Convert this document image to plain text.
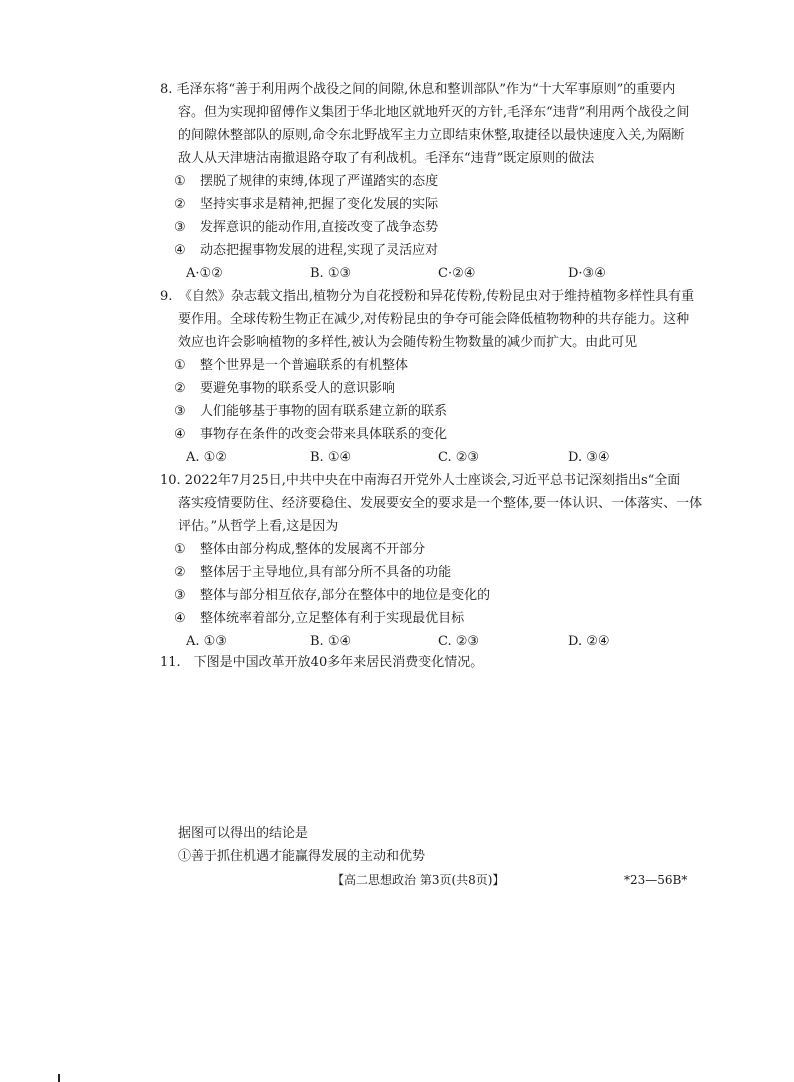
8. 毛泽东将“善于利用两个战役之间的间隙,休息和整训部队”作为“十大军事原则”的重要内
容。但为实现抑留傅作义集团于华北地区就地歼灭的方针,毛泽东“违背”利用两个战役之间
的间隙休整部队的原则,命令东北野战军主力立即结束休整,取捷径以最快速度入关,为隔断
敌人从天津塘沽南撤退路夺取了有利战机。毛泽东“违背”既定原则的做法
① 摆脱了规律的束缚,体现了严谨踏实的态度
② 坚持实事求是精神,把握了变化发展的实际
③ 发挥意识的能动作用,直接改变了战争态势
④ 动态把握事物发展的进程,实现了灵活应对
A·①②	B. ①③	C·②④	D·③④
9.　《自然》杂志载文指出,植物分为自花授粉和异花传粉,传粉昆虫对于维持植物多样性具有重
要作用。全球传粉生物正在减少,对传粉昆虫的争夺可能会降低植物物种的共存能力。这种
效应也许会影响植物的多样性,被认为会随传粉生物数量的减少而扩大。由此可见
① 整个世界是一个普遍联系的有机整体
② 要避免事物的联系受人的意识影响
③ 人们能够基于事物的固有联系建立新的联系
④ 事物存在条件的改变会带来具体联系的变化
A. ①②	B. ①④	C. ②③	D. ③④
10. 2022年7月25日,中共中央在中南海召开党外人士座谈会,习近平总书记深刻指出s“全面
落实疫情要防住、经济要稳住、发展要安全的要求是一个整体,要一体认识、一体落实、一体
评估。”从哲学上看,这是因为
① 整体由部分构成,整体的发展离不开部分
② 整体居于主导地位,具有部分所不具备的功能
③ 整体与部分相互依存,部分在整体中的地位是变化的
④ 整体统率着部分,立足整体有利于实现最优目标
A. ①③	B. ①④	C. ②③	D. ②④
11.　下图是中国改革开放40多年来居民消费变化情况。
据图可以得出的结论是
①善于抓住机遇才能赢得发展的主动和优势
【高二思想政治 第3页(共8页)】	*23—56B*
